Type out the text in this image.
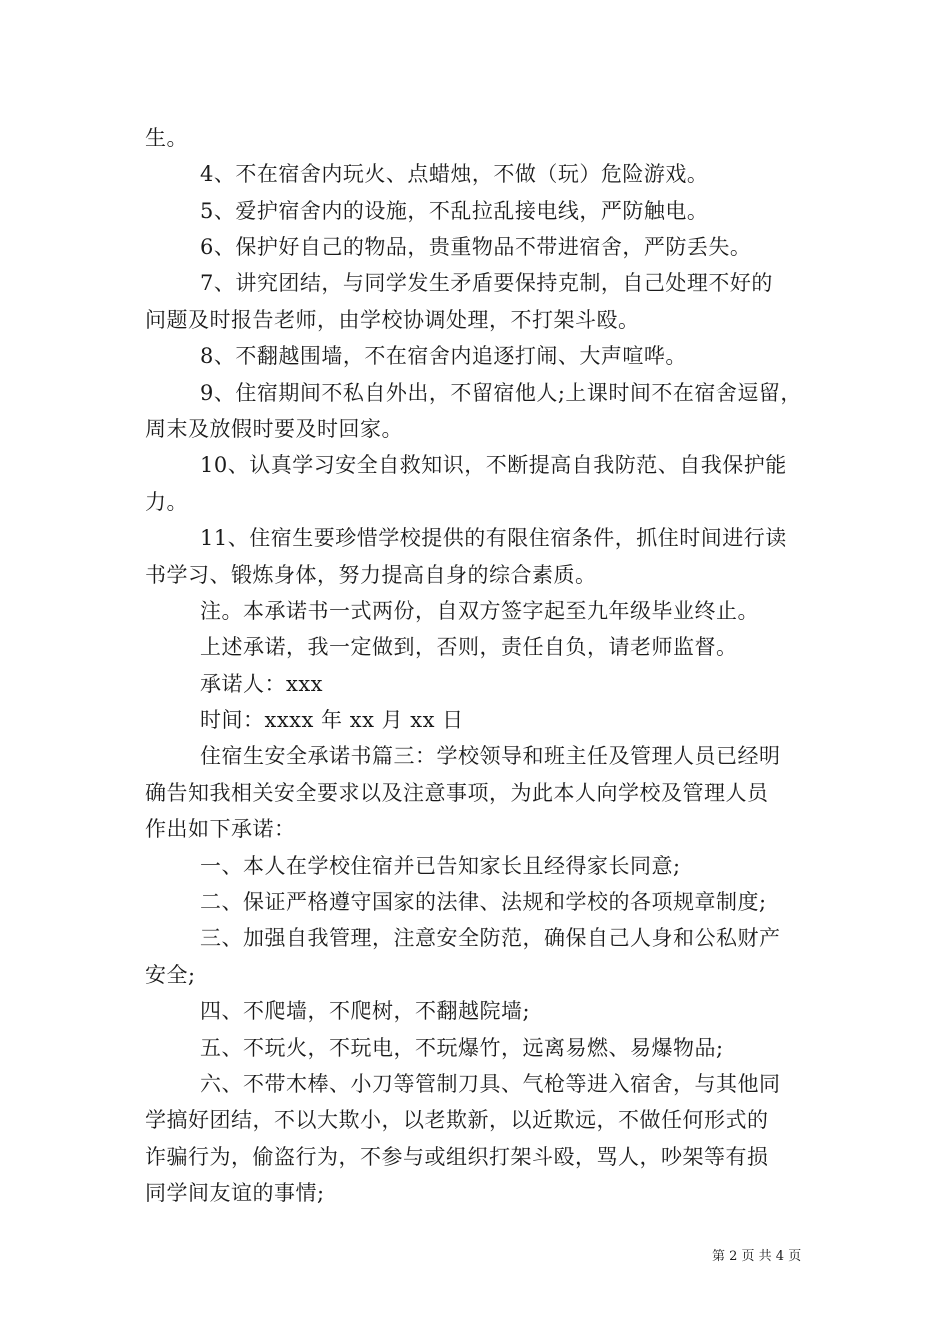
生。
4、不在宿舍内玩火、点蜡烛，不做（玩）危险游戏。
5、爱护宿舍内的设施，不乱拉乱接电线，严防触电。
6、保护好自己的物品，贵重物品不带进宿舍，严防丢失。
7、讲究团结，与同学发生矛盾要保持克制，自己处理不好的
问题及时报告老师，由学校协调处理，不打架斗殴。
8、不翻越围墙，不在宿舍内追逐打闹、大声喧哗。
9、住宿期间不私自外出，不留宿他人;上课时间不在宿舍逗留，
周末及放假时要及时回家。
10、认真学习安全自救知识，不断提高自我防范、自我保护能
力。
11、住宿生要珍惜学校提供的有限住宿条件，抓住时间进行读
书学习、锻炼身体，努力提高自身的综合素质。
注。本承诺书一式两份，自双方签字起至九年级毕业终止。
上述承诺，我一定做到，否则，责任自负，请老师监督。
承诺人：xxx
时间：xxxx 年 xx 月 xx 日
住宿生安全承诺书篇三：学校领导和班主任及管理人员已经明
确告知我相关安全要求以及注意事项，为此本人向学校及管理人员
作出如下承诺：
一、本人在学校住宿并已告知家长且经得家长同意;
二、保证严格遵守国家的法律、法规和学校的各项规章制度;
三、加强自我管理，注意安全防范，确保自己人身和公私财产
安全;
四、不爬墙，不爬树，不翻越院墙;
五、不玩火，不玩电，不玩爆竹，远离易燃、易爆物品;
六、不带木棒、小刀等管制刀具、气枪等进入宿舍，与其他同
学搞好团结，不以大欺小，以老欺新，以近欺远，不做任何形式的
诈骗行为，偷盗行为，不参与或组织打架斗殴，骂人，吵架等有损
同学间友谊的事情;
第 2 页 共 4 页
